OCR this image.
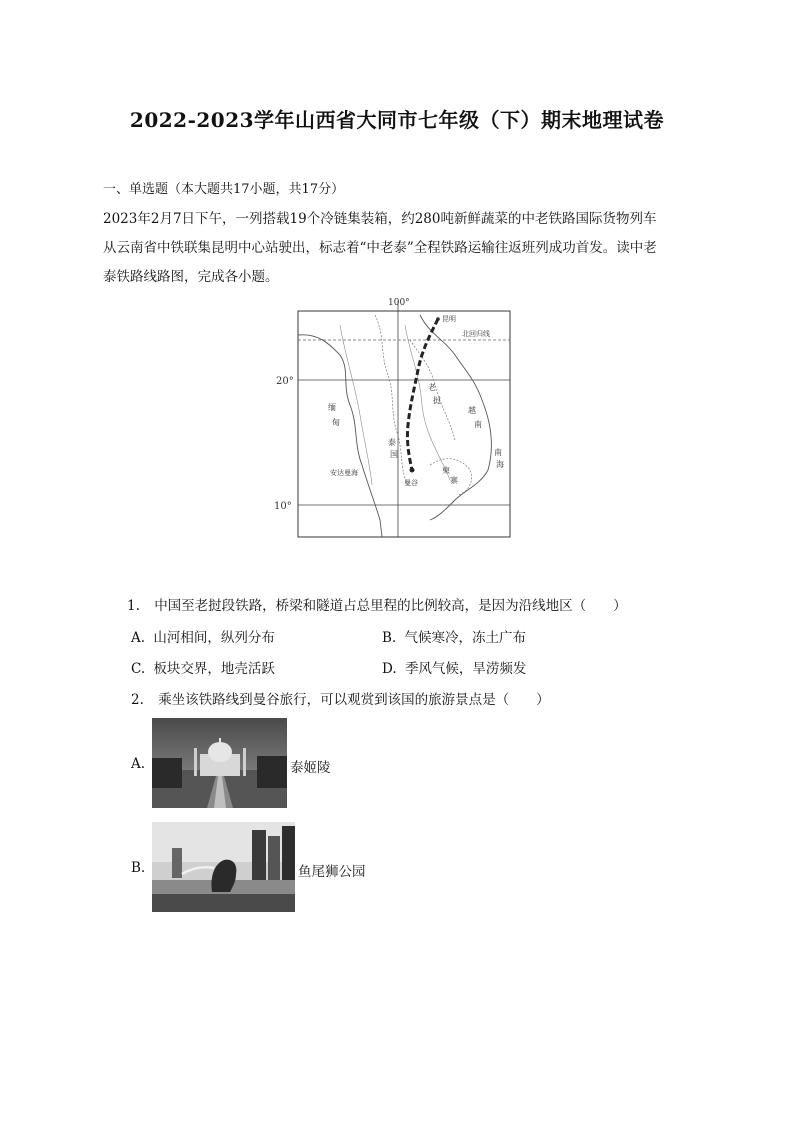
2022-2023学年山西省大同市七年级（下）期末地理试卷
一、单选题（本大题共17小题，共17分）
2023年2月7日下午，一列搭载19个冷链集装箱，约280吨新鲜蔬菜的中老铁路国际货物列车
从云南省中铁联集昆明中心站驶出，标志着“中老泰”全程铁路运输往返班列成功首发。读中老
泰铁路线路图，完成各小题。
100°
20°
10°
北回归线
昆明
缅
甸
老
挝
泰
国
越
南
柬
寨
南
海
安达曼海
曼谷
1. 中国至老挝段铁路，桥梁和隧道占总里程的比例较高，是因为沿线地区（　　）
A. 山河相间，纵列分布	B. 气候寒冷，冻土广布
C. 板块交界，地壳活跃	D. 季风气候，旱涝频发
2. 乘坐该铁路线到曼谷旅行，可以观赏到该国的旅游景点是（　　）
A.	泰姬陵
B.	鱼尾狮公园
